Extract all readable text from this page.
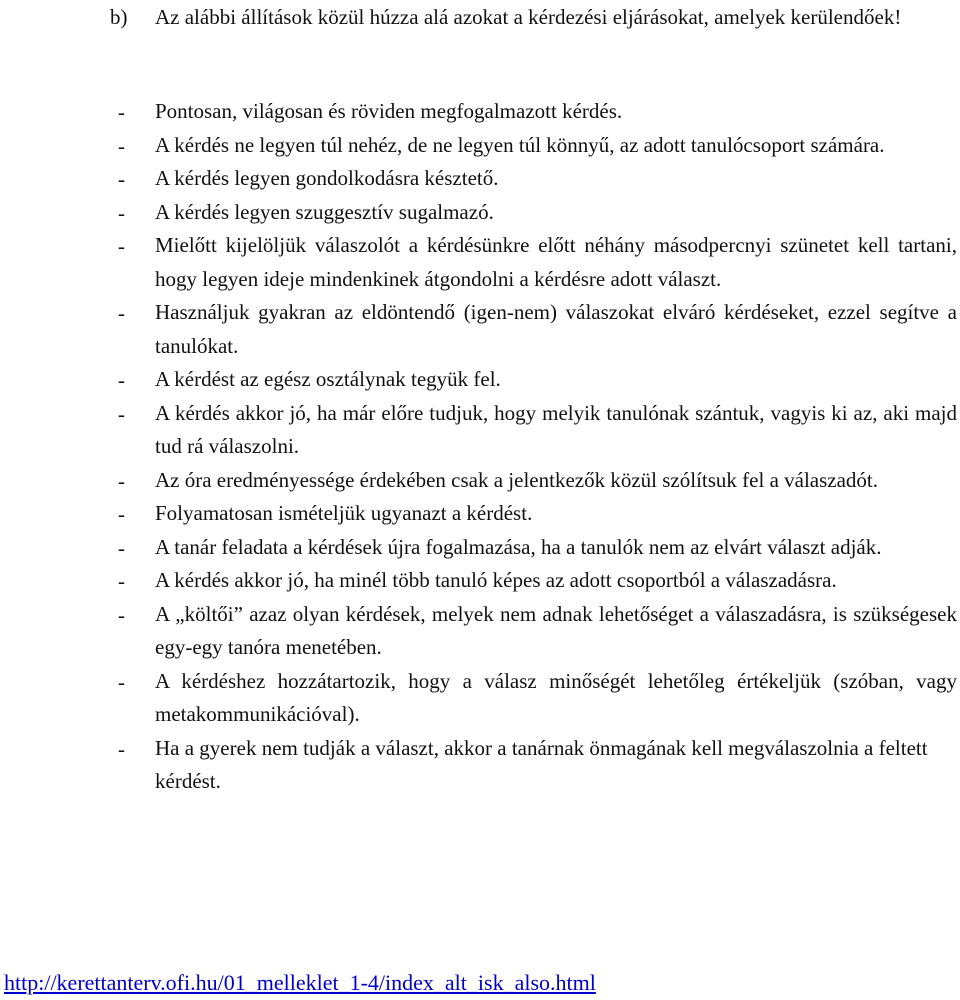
b) Az alábbi állítások közül húzza alá azokat a kérdezési eljárásokat, amelyek kerülendőek!
- Pontosan, világosan és röviden megfogalmazott kérdés.
- A kérdés ne legyen túl nehéz, de ne legyen túl könnyű, az adott tanulócsoport számára.
- A kérdés legyen gondolkodásra késztető.
- A kérdés legyen szuggesztív sugalmazó.
- Mielőtt kijelöljük válaszolót a kérdésünkre előtt néhány másodpercnyi szünetet kell tartani, hogy legyen ideje mindenkinek átgondolni a kérdésre adott választ.
- Használjuk gyakran az eldöntendő (igen-nem) válaszokat elváró kérdéseket, ezzel segítve a tanulókat.
- A kérdést az egész osztálynak tegyük fel.
- A kérdés akkor jó, ha már előre tudjuk, hogy melyik tanulónak szántuk, vagyis ki az, aki majd tud rá válaszolni.
- Az óra eredményessége érdekében csak a jelentkezők közül szólítsuk fel a válaszadót.
- Folyamatosan ismételjük ugyanazt a kérdést.
- A tanár feladata a kérdések újra fogalmazása, ha a tanulók nem az elvárt választ adják.
- A kérdés akkor jó, ha minél több tanuló képes az adott csoportból a válaszadásra.
- A „költői” azaz olyan kérdések, melyek nem adnak lehetőséget a válaszadásra, is szükségesek egy-egy tanóra menetében.
- A kérdéshez hozzátartozik, hogy a válasz minőségét lehetőleg értékeljük (szóban, vagy metakommunikációval).
- Ha a gyerek nem tudják a választ, akkor a tanárnak önmagának kell megválaszolnia a feltett kérdést.
http://kerettanterv.ofi.hu/01_melleklet_1-4/index_alt_isk_also.html
